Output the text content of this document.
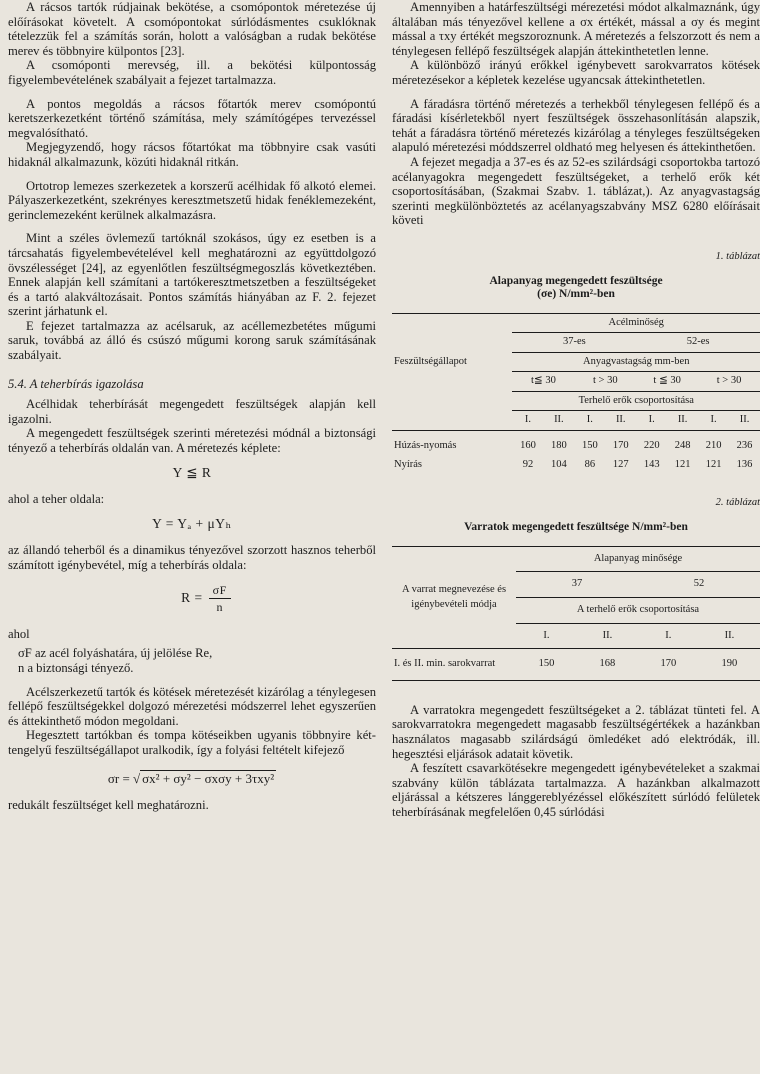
A rácsos tartók rúdjainak bekötése, a csomópontok méretezése új előírásokat követelt. A csomópontokat súrlódásmentes csuklóknak tételezzük fel a számítás során, holott a valóságban a rudak bekötése merev és többnyire külpontos [23].

A csomóponti merevség, ill. a bekötési külpontosság figyelembevételének szabályait a fejezet tartalmazza.

A pontos megoldás a rácsos főtartók merev csomópontú keretszerkezetként történő számítása, mely számítógépes tervezéssel megvalósítható.

Megjegyzendő, hogy rácsos főtartókat ma többnyire csak vasúti hidaknál alkalmazunk, közúti hidaknál ritkán.

Ortotrop lemezes szerkezetek a korszerű acélhidak fő alkotó elemei. Pályaszerkezetként, szekrényes keresztmetszetű hidak fenéklemezeként, gerinclemezeként kerülnek alkalmazásra.

Mint a széles övlemezű tartóknál szokásos, úgy ez esetben is a tárcsahatás figyelembevételével kell meghatározni az együttdolgozó övszélességet [24], az egyenlőtlen feszültségmegoszlás következtében. Ennek alapján kell számítani a tartókeresztmetszetben a feszültségeket és a tartó alakváltozásait. Pontos számítás hiányában az F. 2. fejezet szerint járhatunk el.

E fejezet tartalmazza az acélsaruk, az acéllemezbetétes műgumi saruk, továbbá az álló és csúszó műgumi korong saruk számításának szabályait.

5.4. A teherbírás igazolása

Acélhidak teherbírását megengedett feszültségek alapján kell igazolni.

A megengedett feszültségek szerinti méretezési módnál a biztonsági tényező a teherbírás oldalán van. A méretezés képlete:

Y ≦ R

ahol a teher oldala:

Y = Yₐ + μYₕ

az állandó teherből és a dinamikus tényezővel szorzott hasznos teherből számított igénybevétel, míg a teherbírás oldala:

$R = \frac{\sigma F}{n}$

ahol

σF az acél folyáshatára, új jelölése Re,

n a biztonsági tényező.

Acélszerkezetű tartók és kötések méretezését kizárólag a ténylegesen fellépő feszültségekkel dolgozó mérezetési módszerrel lehet egyszerűen és áttekinthető módon megoldani.

Hegesztett tartókban és tompa kötéseikben ugyanis többnyire két-tengelyű feszültségállapot uralkodik, így a folyási feltételt kifejező

σr = √ σx² + σy² − σxσy + 3τxy²

redukált feszültséget kell meghatározni.

Amennyiben a határfeszültségi mérezetési módot alkalmaznánk, úgy általában más tényezővel kellene a σx értékét, mással a σy és megint mással a τxy értékét megszoroznunk. A méretezés a felszorzott és nem a ténylegesen fellépő feszültségek alapján áttekinthetetlen lenne.

A különböző irányú erőkkel igénybevett sarokvarratos kötések méretezésekor a képletek kezelése ugyancsak áttekinthetetlen.

A fáradásra történő méretezés a terhekből ténylegesen fellépő és a fáradási kísérletekből nyert feszültségek összehasonlításán alapszik, tehát a fáradásra történő méretezés kizárólag a tényleges feszültségeken alapuló méretezési móddszerrel oldható meg helyesen és áttekinthetően.

A fejezet megadja a 37-es és az 52-es szilárdsági csoportokba tartozó acélanyagokra megengedett feszültségeket, a terhelő erők két csoportosításában, (Szakmai Szabv. 1. táblázat,). Az anyagvastagság szerinti megkülönböztetés az acélanyagszabvány MSZ 6280 előírásait követi

1. táblázat
Alapanyag megengedett feszültsége
(σe) N/mm²-ben
Feszültségállapot	Acélminőség							
	37-es				52-es			
	Anyagvastagság mm-ben							
	t≦ 30		t > 30		t ≦ 30		t > 30	
	Terhelő erők csoportosítása							
	I.	II.	I.	II.	I.	II.	I.	II.
Húzás-nyomás	160	180	150	170	220	248	210	236
Nyírás	92	104	86	127	143	121	121	136
2. táblázat
Varratok megengedett feszültsége N/mm²-ben
A varrat megnevezése és igénybevételi módja	Alapanyag minősége			
	37		52	
	A terhelő erők csoportosítása			
	I.	II.	I.	II.
I. és II. min. sarokvarrat	150	168	170	190

A varratokra megengedett feszültségeket a 2. táblázat tünteti fel. A sarokvarratokra megengedett magasabb feszültségértékek a hazánkban használatos magasabb szilárdságú ömledéket adó elektródák, ill. hegesztési eljárások adatait követik.

A feszített csavarkötésekre megengedett igénybevételeket a szakmai szabvány külön táblázata tartalmazza. A hazánkban alkalmazott eljárással a kétszeres lánggereblyézéssel előkészített súrlódó felületek teherbírásának megfelelően 0,45 súrlódási
